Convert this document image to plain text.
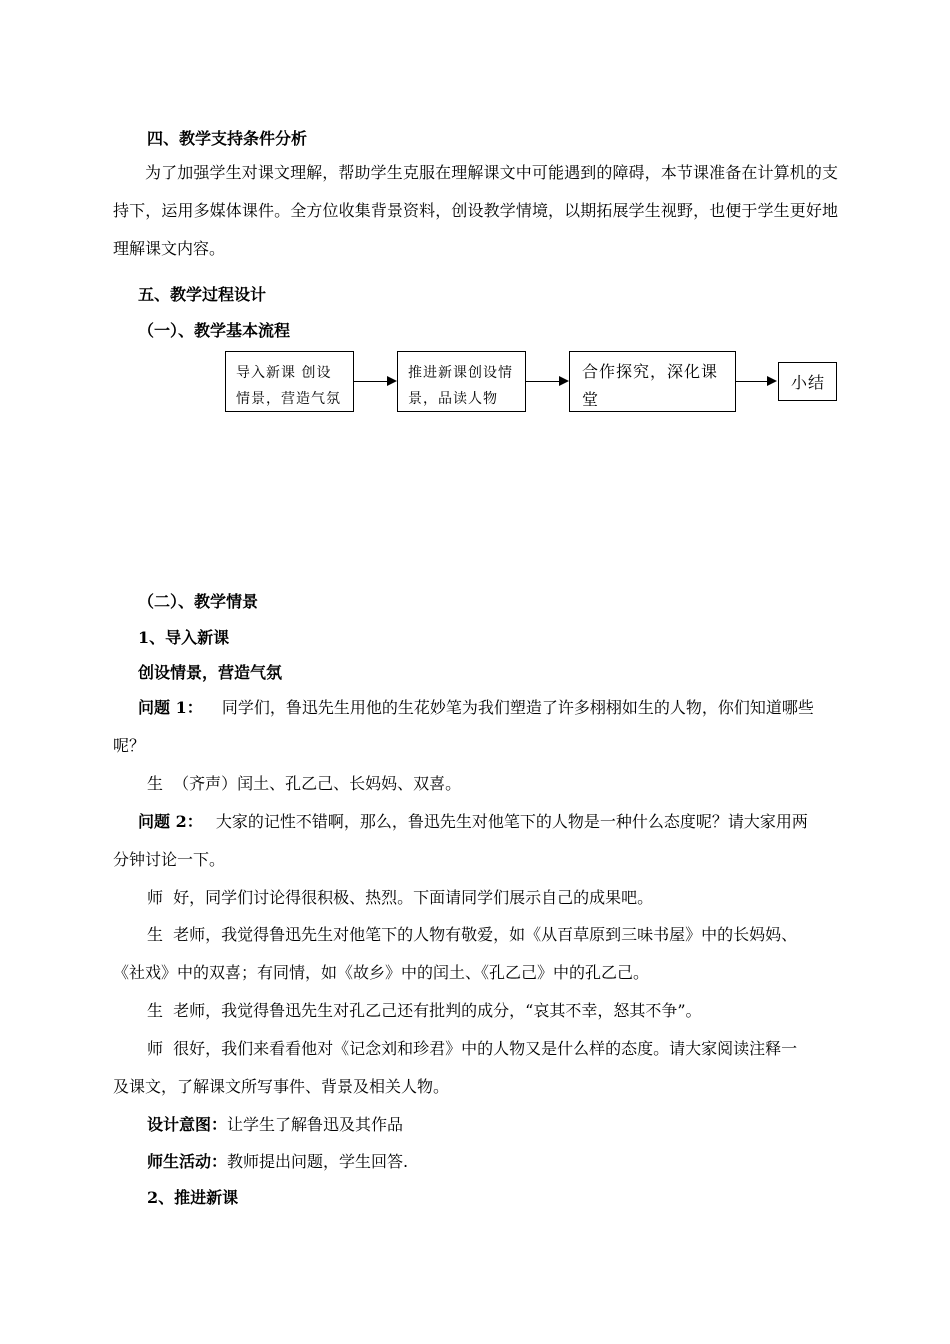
四、教学支持条件分析
为了加强学生对课文理解，帮助学生克服在理解课文中可能遇到的障碍，本节课准备在计算机的支持下，运用多媒体课件。全方位收集背景资料，创设教学情境，以期拓展学生视野，也便于学生更好地理解课文内容。
五、教学过程设计
（一）、教学基本流程
导入新课 创设
情景，营造气氛
推进新课创设情
景，品读人物
合作探究，深化课
堂
小结
（二）、教学情景
1、导入新课
创设情景，营造气氛
问题 1： 同学们，鲁迅先生用他的生花妙笔为我们塑造了许多栩栩如生的人物，你们知道哪些
呢？
生  （齐声）闰土、孔乙己、长妈妈、双喜。
问题 2： 大家的记性不错啊，那么，鲁迅先生对他笔下的人物是一种什么态度呢？请大家用两
分钟讨论一下。
师  好，同学们讨论得很积极、热烈。下面请同学们展示自己的成果吧。
生  老师，我觉得鲁迅先生对他笔下的人物有敬爱，如《从百草原到三味书屋》中的长妈妈、
《社戏》中的双喜；有同情，如《故乡》中的闰土、《孔乙己》中的孔乙己。
生  老师，我觉得鲁迅先生对孔乙己还有批判的成分，“哀其不幸，怒其不争”。
师  很好，我们来看看他对《记念刘和珍君》中的人物又是什么样的态度。请大家阅读注释一
及课文，了解课文所写事件、背景及相关人物。
设计意图：让学生了解鲁迅及其作品
师生活动：教师提出问题，学生回答.
2、推进新课
